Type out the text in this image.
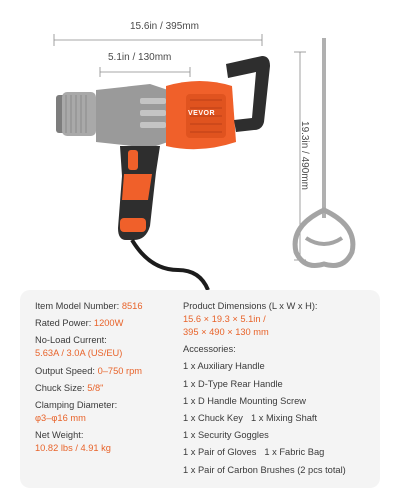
15.6in / 395mm
5.1in / 130mm
19.3in / 490mm
VEVOR
Item Model Number: 8516
Rated Power: 1200W
No-Load Current:
5.63A / 3.0A (US/EU)
Output Speed: 0–750 rpm
Chuck Size: 5/8"
Clamping Diameter:
φ3–φ16 mm
Net Weight:
10.82 lbs / 4.91 kg
Product Dimensions (L x W x H):
15.6 × 19.3 × 5.1in /
395 × 490 × 130 mm
Accessories:
1 x Auxiliary Handle
1 x D-Type Rear Handle
1 x D Handle Mounting Screw
1 x Chuck Key 1 x Mixing Shaft
1 x Security Goggles
1 x Pair of Gloves 1 x Fabric Bag
1 x Pair of Carbon Brushes (2 pcs total)
